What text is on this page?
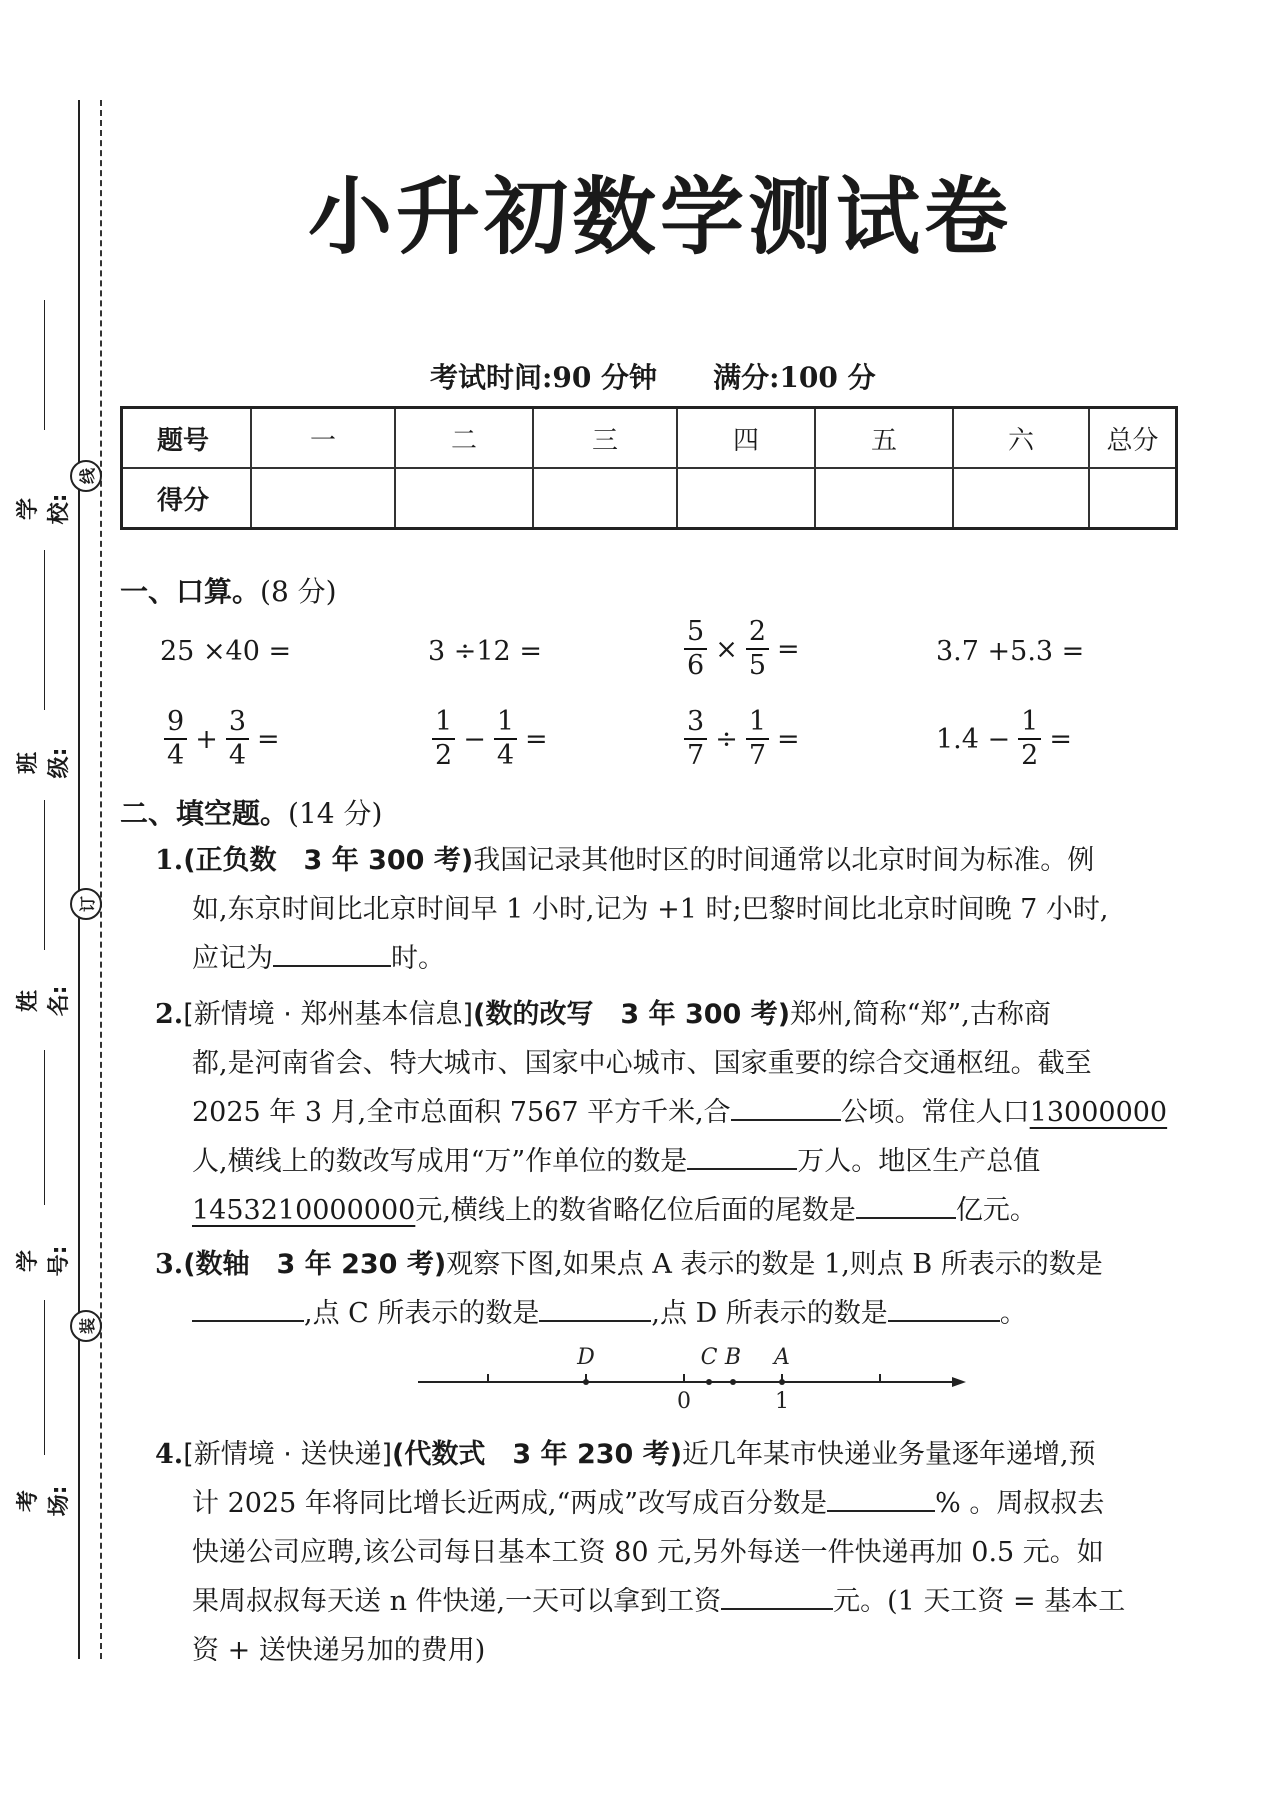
学校:
班级:
姓名:
学号:
考场:
线
订
装
小升初数学测试卷
考试时间:90 分钟 满分:100 分
题号	一	二	三	四	五	六	总分
得分							
一、口算。(8 分)
25 ×40 =	3 ÷12 =	$\frac{5}{6} \times \frac{2}{5}$ =	3.7 +5.3 =
$\frac{9}{4} + \frac{3}{4}$ =	$\frac{1}{2} - \frac{1}{4}$ =	$\frac{3}{7} \div \frac{1}{7}$ =	$1.4 - \frac{1}{2}$ =
二、填空题。(14 分)
1.(正负数　3 年 300 考)我国记录其他时区的时间通常以北京时间为标准。例
如,东京时间比北京时间早 1 小时,记为 +1 时;巴黎时间比北京时间晚 7 小时,
应记为	时。
2.[新情境 · 郑州基本信息](数的改写　3 年 300 考)郑州,简称“郑”,古称商
都,是河南省会、特大城市、国家中心城市、国家重要的综合交通枢纽。截至
2025 年 3 月,全市总面积 7567 平方千米,合	公顷。常住人口13000000
人,横线上的数改写成用“万”作单位的数是	万人。地区生产总值
1453210000000元,横线上的数省略亿位后面的尾数是	亿元。
3.(数轴　3 年 230 考)观察下图,如果点 A 表示的数是 1,则点 B 所表示的数是
,点 C 所表示的数是	,点 D 所表示的数是	。
D	C B A
0	1
4.[新情境 · 送快递](代数式　3 年 230 考)近几年某市快递业务量逐年递增,预
计 2025 年将同比增长近两成,“两成”改写成百分数是	% 。周叔叔去
快递公司应聘,该公司每日基本工资 80 元,另外每送一件快递再加 0.5 元。如
果周叔叔每天送 n 件快递,一天可以拿到工资	元。(1 天工资 = 基本工
资 + 送快递另加的费用)
